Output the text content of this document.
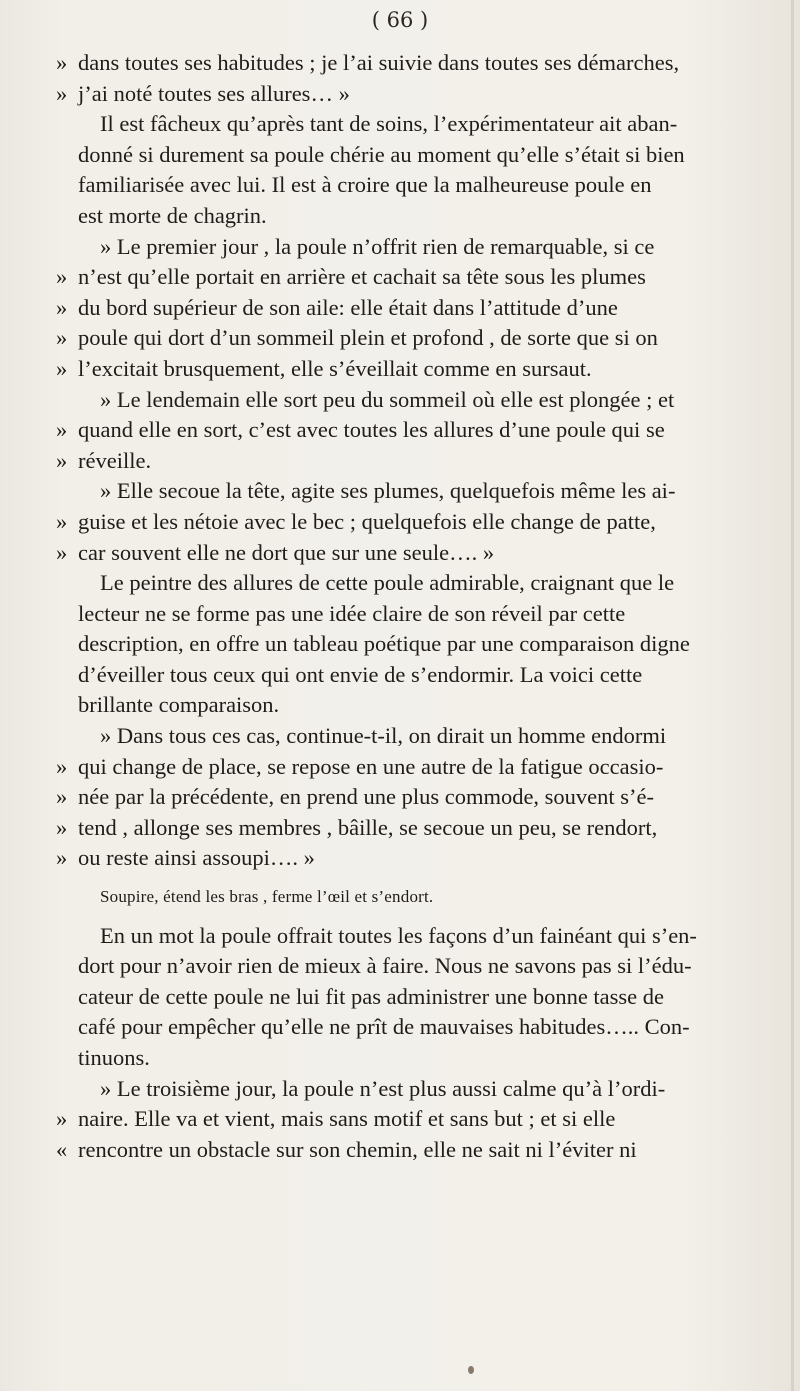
( 66 )
» dans toutes ses habitudes ; je l’ai suivie dans toutes ses démarches,
» j’ai noté toutes ses allures… »
Il est fâcheux qu’après tant de soins, l’expérimentateur ait aban-
donné si durement sa poule chérie au moment qu’elle s’était si bien
familiarisée avec lui. Il est à croire que la malheureuse poule en
est morte de chagrin.
» Le premier jour , la poule n’offrit rien de remarquable, si ce
» n’est qu’elle portait en arrière et cachait sa tête sous les plumes
» du bord supérieur de son aile: elle était dans l’attitude d’une
» poule qui dort d’un sommeil plein et profond , de sorte que si on
» l’excitait brusquement, elle s’éveillait comme en sursaut.
» Le lendemain elle sort peu du sommeil où elle est plongée ; et
» quand elle en sort, c’est avec toutes les allures d’une poule qui se
» réveille.
» Elle secoue la tête, agite ses plumes, quelquefois même les ai-
» guise et les nétoie avec le bec ; quelquefois elle change de patte,
» car souvent elle ne dort que sur une seule…. »
Le peintre des allures de cette poule admirable, craignant que le
lecteur ne se forme pas une idée claire de son réveil par cette
description, en offre un tableau poétique par une comparaison digne
d’éveiller tous ceux qui ont envie de s’endormir. La voici cette
brillante comparaison.
» Dans tous ces cas, continue-t-il, on dirait un homme endormi
» qui change de place, se repose en une autre de la fatigue occasio-
» née par la précédente, en prend une plus commode, souvent s’é-
» tend , allonge ses membres , bâille, se secoue un peu, se rendort,
» ou reste ainsi assoupi…. »
Soupire, étend les bras , ferme l’œil et s’endort.
En un mot la poule offrait toutes les façons d’un fainéant qui s’en-
dort pour n’avoir rien de mieux à faire. Nous ne savons pas si l’édu-
cateur de cette poule ne lui fit pas administrer une bonne tasse de
café pour empêcher qu’elle ne prît de mauvaises habitudes….. Con-
tinuons.
» Le troisième jour, la poule n’est plus aussi calme qu’à l’ordi-
» naire. Elle va et vient, mais sans motif et sans but ; et si elle
« rencontre un obstacle sur son chemin, elle ne sait ni l’éviter ni
